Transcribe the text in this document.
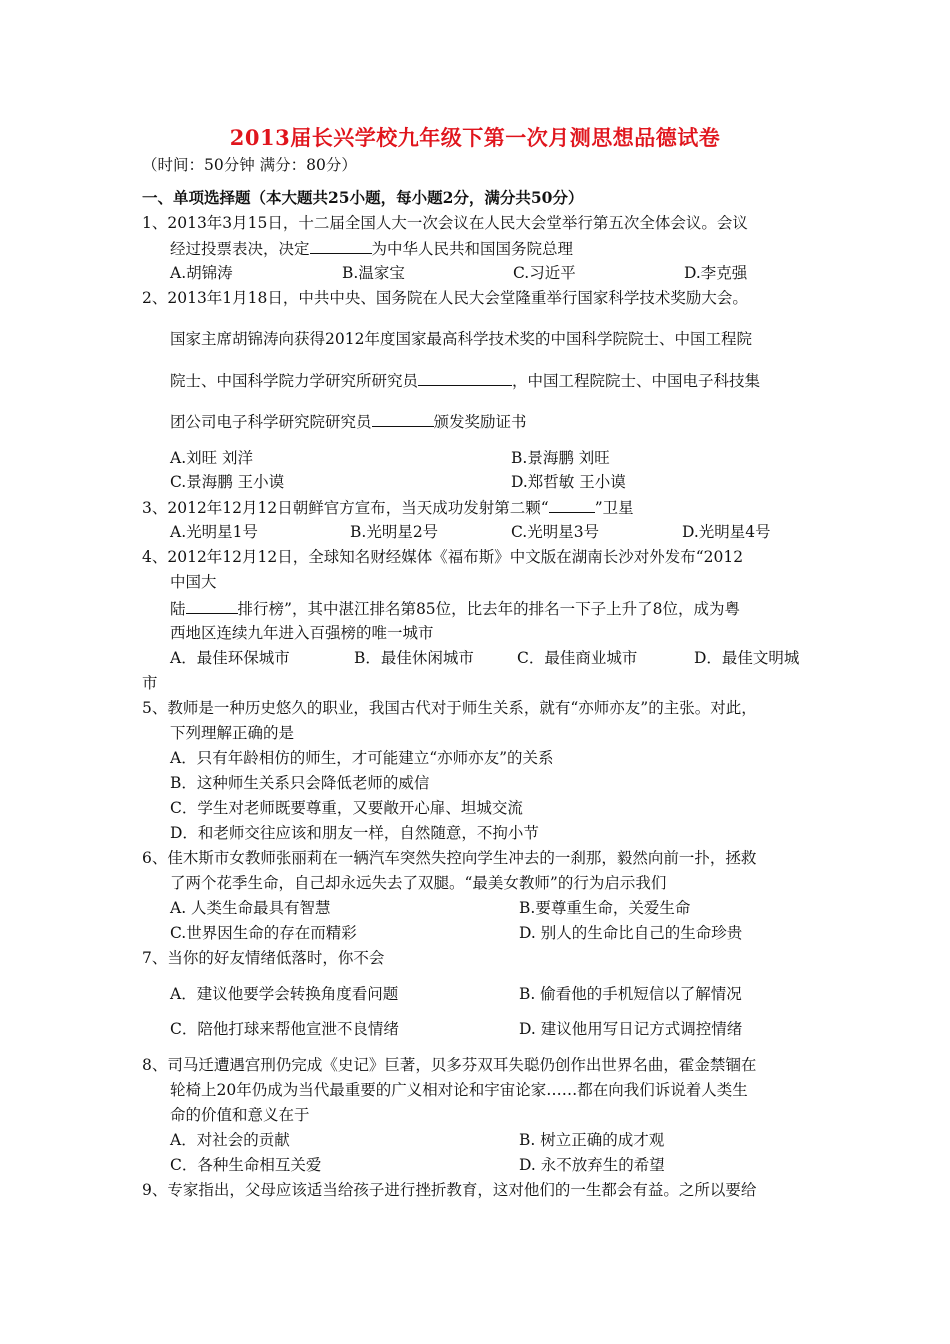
2013届长兴学校九年级下第一次月测思想品德试卷
（时间：50分钟 满分：80分）
一、单项选择题（本大题共25小题，每小题2分，满分共50分）
1、2013年3月15日，十二届全国人大一次会议在人民大会堂举行第五次全体会议。会议
经过投票表决，决定	为中华人民共和国国务院总理
A.胡锦涛	B.温家宝	C.习近平	D.李克强
2、2013年1月18日，中共中央、国务院在人民大会堂隆重举行国家科学技术奖励大会。
国家主席胡锦涛向获得2012年度国家最高科学技术奖的中国科学院院士、中国工程院
院士、中国科学院力学研究所研究员	，中国工程院院士、中国电子科技集
团公司电子科学研究院研究员	颁发奖励证书
A.刘旺 刘洋	B.景海鹏 刘旺
C.景海鹏 王小谟	D.郑哲敏 王小谟
3、2012年12月12日朝鲜官方宣布，当天成功发射第二颗“	”卫星
A.光明星1号	B.光明星2号	C.光明星3号	D.光明星4号
4、2012年12月12日，全球知名财经媒体《福布斯》中文版在湖南长沙对外发布“2012
中国大
陆	排行榜”，其中湛江排名第85位，比去年的排名一下子上升了8位，成为粤
西地区连续九年进入百强榜的唯一城市
A．最佳环保城市	B．最佳休闲城市	C．最佳商业城市	D．最佳文明城
市
5、教师是一种历史悠久的职业，我国古代对于师生关系，就有“亦师亦友”的主张。对此，
下列理解正确的是
A．只有年龄相仿的师生，才可能建立“亦师亦友”的关系
B．这种师生关系只会降低老师的威信
C．学生对老师既要尊重，又要敞开心扉、坦城交流
D．和老师交往应该和朋友一样，自然随意，不拘小节
6、佳木斯市女教师张丽莉在一辆汽车突然失控向学生冲去的一刹那，毅然向前一扑，拯救
了两个花季生命，自己却永远失去了双腿。“最美女教师”的行为启示我们
A. 人类生命最具有智慧	B.要尊重生命，关爱生命
C.世界因生命的存在而精彩	D. 别人的生命比自己的生命珍贵
7、当你的好友情绪低落时，你不会
A．建议他要学会转换角度看问题	B. 偷看他的手机短信以了解情况
C．陪他打球来帮他宣泄不良情绪	D. 建议他用写日记方式调控情绪
8、司马迁遭遇宫刑仍完成《史记》巨著，贝多芬双耳失聪仍创作出世界名曲，霍金禁锢在
轮椅上20年仍成为当代最重要的广义相对论和宇宙论家……都在向我们诉说着人类生
命的价值和意义在于
A．对社会的贡献	B. 树立正确的成才观
C．各种生命相互关爱	D. 永不放弃生的希望
9、专家指出，父母应该适当给孩子进行挫折教育，这对他们的一生都会有益。之所以要给
